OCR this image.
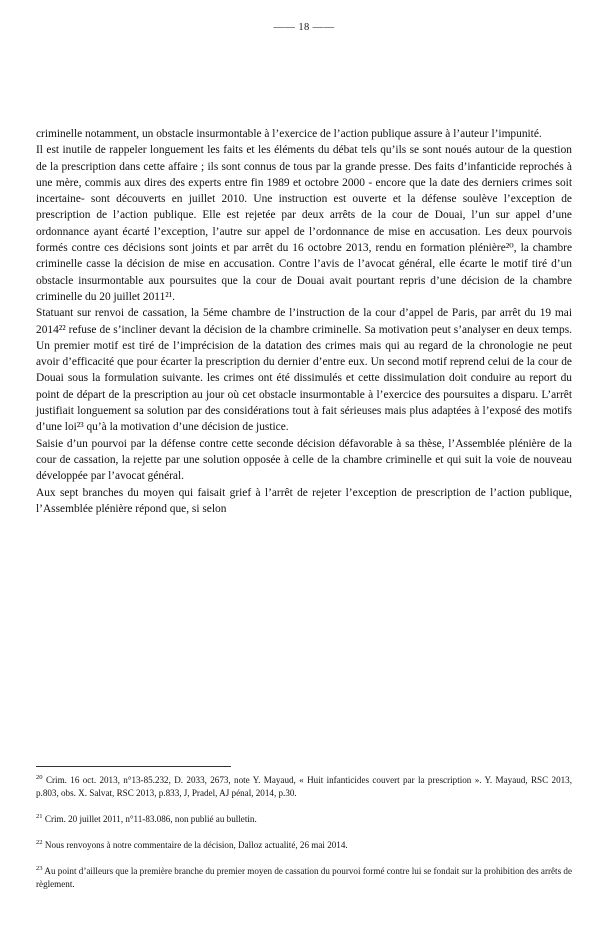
—— 18 ——

criminelle notamment, un obstacle insurmontable à l’exercice de l’action publique assure à l’auteur l’impunité.

Il est inutile de rappeler longuement les faits et les éléments du débat tels qu’ils se sont noués autour de la question de la prescription dans cette affaire ; ils sont connus de tous par la grande presse. Des faits d’infanticide reprochés à une mère, commis aux dires des experts entre fin 1989 et octobre 2000 - encore que la date des derniers crimes soit incertaine- sont découverts en juillet 2010. Une instruction est ouverte et la défense soulève l’exception de prescription de l’action publique. Elle est rejetée par deux arrêts de la cour de Douai, l’un sur appel d’une ordonnance ayant écarté l’exception, l’autre sur appel de l’ordonnance de mise en accusation. Les deux pourvois formés contre ces décisions sont joints et par arrêt du 16 octobre 2013, rendu en formation plénière²⁰, la chambre criminelle casse la décision de mise en accusation. Contre l’avis de l’avocat général, elle écarte le motif tiré d’un obstacle insurmontable aux poursuites que la cour de Douai avait pourtant repris d’une décision de la chambre criminelle du 20 juillet 2011²¹.

Statuant sur renvoi de cassation, la 5éme chambre de l’instruction de la cour d’appel de Paris, par arrêt du 19 mai 2014²² refuse de s’incliner devant la décision de la chambre criminelle. Sa motivation peut s’analyser en deux temps. Un premier motif est tiré de l’imprécision de la datation des crimes mais qui au regard de la chronologie ne peut avoir d’efficacité que pour écarter la prescription du dernier d’entre eux. Un second motif reprend celui de la cour de Douai sous la formulation suivante. les crimes ont été dissimulés et cette dissimulation doit conduire au report du point de départ de la prescription au jour où cet obstacle insurmontable à l’exercice des poursuites a disparu. L’arrêt justifiait longuement sa solution par des considérations tout à fait sérieuses mais plus adaptées à l’exposé des motifs d’une loi²³ qu’à la motivation d’une décision de justice.

Saisie d’un pourvoi par la défense contre cette seconde décision défavorable à sa thèse, l’Assemblée plénière de la cour de cassation, la rejette par une solution opposée à celle de la chambre criminelle et qui suit la voie de nouveau développée par l’avocat général.

Aux sept branches du moyen qui faisait grief à l’arrêt de rejeter l’exception de prescription de l’action publique, l’Assemblée plénière répond que, si selon

$^{20}$ Crim. 16 oct. 2013, n°13-85.232, D. 2033, 2673, note Y. Mayaud, « Huit infanticides couvert par la prescription ». Y. Mayaud, RSC 2013, p.803, obs. X. Salvat, RSC 2013, p.833, J, Pradel, AJ pénal, 2014, p.30.

$^{21}$ Crim. 20 juillet 2011, n°11-83.086, non publié au bulletin.

$^{22}$ Nous renvoyons à notre commentaire de la décision, Dalloz actualité, 26 mai 2014.

$^{23}$ Au point d’ailleurs que la première branche du premier moyen de cassation du pourvoi formé contre lui se fondait sur la prohibition des arrêts de règlement.
